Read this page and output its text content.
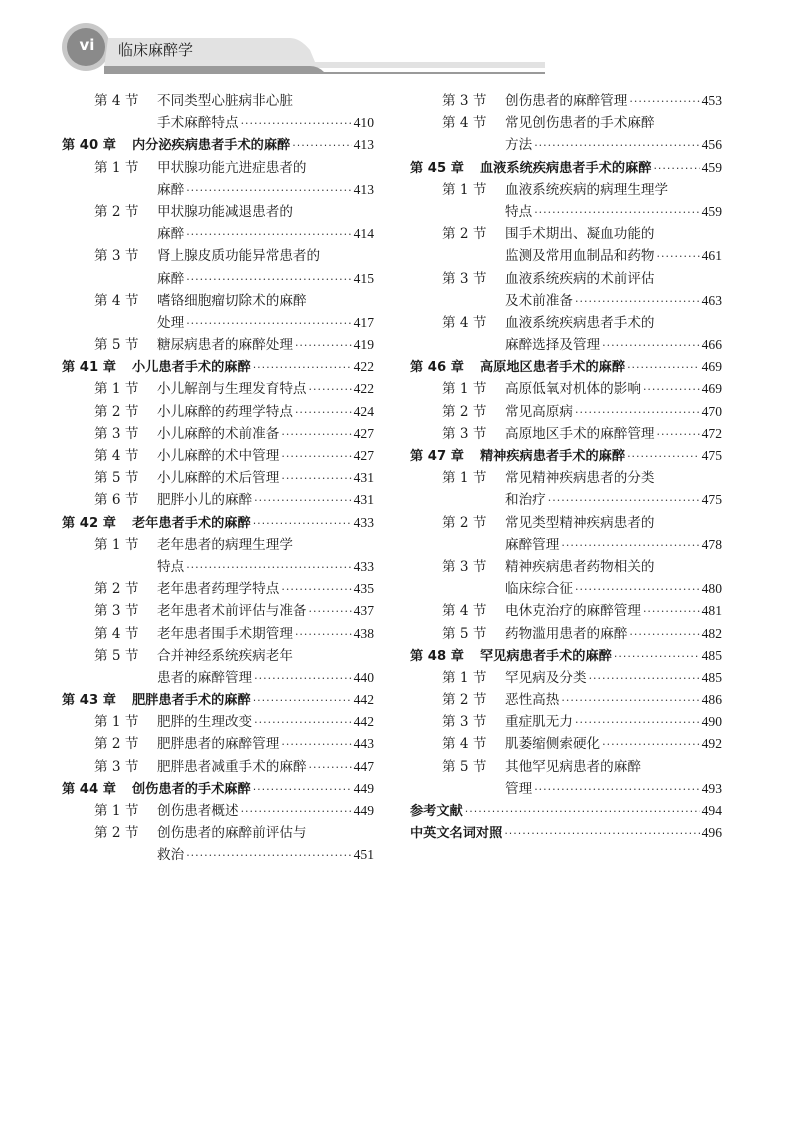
vi	临床麻醉学
第 4 节	不同类型心脏病非心脏
手术麻醉特点 ·····	410
第 40 章	内分泌疾病患者手术的麻醉 ·····	413
第 1 节	甲状腺功能亢进症患者的
麻醉 ·····	413
第 2 节	甲状腺功能减退患者的
麻醉 ·····	414
第 3 节	肾上腺皮质功能异常患者的
麻醉 ·····	415
第 4 节	嗜铬细胞瘤切除术的麻醉
处理 ·····	417
第 5 节	糖尿病患者的麻醉处理 ·····	419
第 41 章	小儿患者手术的麻醉 ·····	422
第 1 节	小儿解剖与生理发育特点 ·····	422
第 2 节	小儿麻醉的药理学特点 ·····	424
第 3 节	小儿麻醉的术前准备 ·····	427
第 4 节	小儿麻醉的术中管理 ·····	427
第 5 节	小儿麻醉的术后管理 ·····	431
第 6 节	肥胖小儿的麻醉 ·····	431
第 42 章	老年患者手术的麻醉 ·····	433
第 1 节	老年患者的病理生理学
特点 ·····	433
第 2 节	老年患者药理学特点 ·····	435
第 3 节	老年患者术前评估与准备 ·····	437
第 4 节	老年患者围手术期管理 ·····	438
第 5 节	合并神经系统疾病老年
患者的麻醉管理 ·····	440
第 43 章	肥胖患者手术的麻醉 ·····	442
第 1 节	肥胖的生理改变 ·····	442
第 2 节	肥胖患者的麻醉管理 ·····	443
第 3 节	肥胖患者减重手术的麻醉 ·····	447
第 44 章	创伤患者的手术麻醉 ·····	449
第 1 节	创伤患者概述 ·····	449
第 2 节	创伤患者的麻醉前评估与
救治 ·····	451
第 3 节	创伤患者的麻醉管理 ·····	453
第 4 节	常见创伤患者的手术麻醉
方法 ·····	456
第 45 章	血液系统疾病患者手术的麻醉 ·····	459
第 1 节	血液系统疾病的病理生理学
特点 ·····	459
第 2 节	围手术期出、凝血功能的
监测及常用血制品和药物 ·····	461
第 3 节	血液系统疾病的术前评估
及术前准备 ·····	463
第 4 节	血液系统疾病患者手术的
麻醉选择及管理 ·····	466
第 46 章	高原地区患者手术的麻醉 ·····	469
第 1 节	高原低氧对机体的影响 ·····	469
第 2 节	常见高原病 ·····	470
第 3 节	高原地区手术的麻醉管理 ·····	472
第 47 章	精神疾病患者手术的麻醉 ·····	475
第 1 节	常见精神疾病患者的分类
和治疗 ·····	475
第 2 节	常见类型精神疾病患者的
麻醉管理 ·····	478
第 3 节	精神疾病患者药物相关的
临床综合征 ·····	480
第 4 节	电休克治疗的麻醉管理 ·····	481
第 5 节	药物滥用患者的麻醉 ·····	482
第 48 章	罕见病患者手术的麻醉 ·····	485
第 1 节	罕见病及分类 ·····	485
第 2 节	恶性高热 ·····	486
第 3 节	重症肌无力 ·····	490
第 4 节	肌萎缩侧索硬化 ·····	492
第 5 节	其他罕见病患者的麻醉
管理 ·····	493
参考文献 ·····	494
中英文名词对照 ·····	496
